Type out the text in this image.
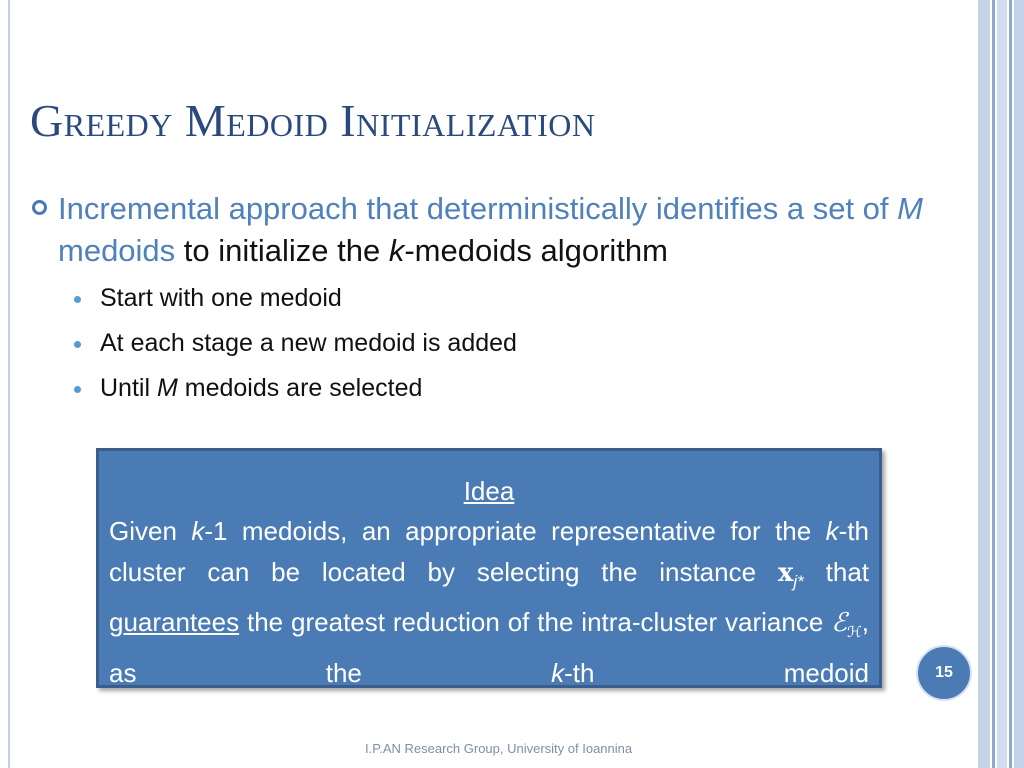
Greedy Medoid Initialization
Incremental approach that deterministically identifies a set of M medoids to initialize the k-medoids algorithm
Start with one medoid
At each stage a new medoid is added
Until M medoids are selected
Idea
Given k-1 medoids, an appropriate representative for the k-th cluster can be located by selecting the instance $x_{j*}$ that guarantees the greatest reduction of the intra-cluster variance ℰ$_ℋ$, as the k-th medoid	15
I.P.AN Research Group, University of Ioannina
